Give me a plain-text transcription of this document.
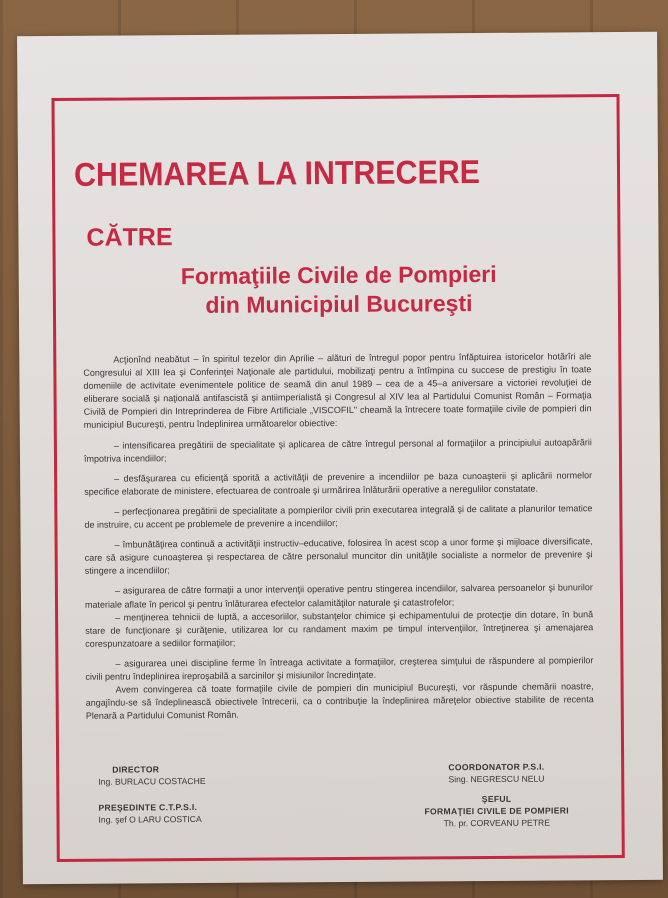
CHEMAREA LA INTRECERE
CĂTRE
Formaţiile Civile de Pompieri
din Municipiul Bucureşti

Acţionînd neabătut – în spiritul tezelor din Aprilie – alături de întregul popor pentru înfăptuirea istoricelor hotărîri ale Congresului al XIII lea şi Conferinţei Naţionale ale partidului, mobilizaţi pentru a întîmpina cu succese de prestigiu în toate domeniile de activitate evenimentele politice de seamă din anul 1989 – cea de a 45–a aniversare a victoriei revoluţiei de eliberare socială şi naţională antifascistă şi antiimperialistă şi Congresul al XIV lea al Partidului Comunist Român – Formaţia Civilă de Pompieri din Intreprinderea de Fibre Artificiale „VISCOFIL" cheamă la întrecere toate formaţiile civile de pompieri din municipiul Bucureşti, pentru îndeplinirea următoarelor obiective:

– intensificarea pregătirii de specialitate şi aplicarea de către întregul personal al formaţiilor a principiului autoapărării împotriva incendiilor;

– desfăşurarea cu eficienţă sporită a activităţii de prevenire a incendiilor pe baza cunoaşterii şi aplicării normelor specifice elaborate de ministere, efectuarea de controale şi urmărirea înlăturării operative a neregulilor constatate.

– perfecţionarea pregătirii de specialitate a pompierilor civili prin executarea integrală şi de calitate a planurilor tematice de instruire, cu accent pe problemele de prevenire a incendiilor;

– îmbunătăţirea continuă a activităţii instructiv–educative, folosirea în acest scop a unor forme şi mijloace diversificate, care să asigure cunoaşterea şi respectarea de către personalul muncitor din unităţile socialiste a normelor de prevenire şi stingere a incendiilor;

– asigurarea de către formaţii a unor intervenţii operative pentru stingerea incendiilor, salvarea persoanelor şi bunurilor materiale aflate în pericol şi pentru înlăturarea efectelor calamităţilor naturale şi catastrofelor;

– menţinerea tehnicii de luptă, a accesoriilor, substanţelor chimice şi echipamentului de protecţie din dotare, în bună stare de funcţionare şi curăţenie, utilizarea lor cu randament maxim pe timpul intervenţiilor, întreţinerea şi amenajarea corespunzatoare a sediilor formaţiilor;

– asigurarea unei discipline ferme în întreaga activitate a formaţiilor, creşterea simţului de răspundere al pompierilor civili pentru îndeplinirea ireproşabilă a sarcinilor şi misiunilor încredinţate.

Avem convingerea că toate formaţiile civile de pompieri din municipiul Bucureşti, vor răspunde chemării noastre, angajîndu-se să îndeplinească obiectivele întrecerii, ca o contribuţie la îndeplinirea măreţelor obiective stabilite de recenta Plenară a Partidului Comunist Român.

DIRECTOR
Ing. BURLACU COSTACHE
PREŞEDINTE C.T.P.S.I.
Ing. şef O LARU COSTICA
COORDONATOR P.S.I.
Sing. NEGRESCU NELU
ŞEFUL
FORMAŢIEI CIVILE DE POMPIERI
Th. pr. CORVEANU PETRE
